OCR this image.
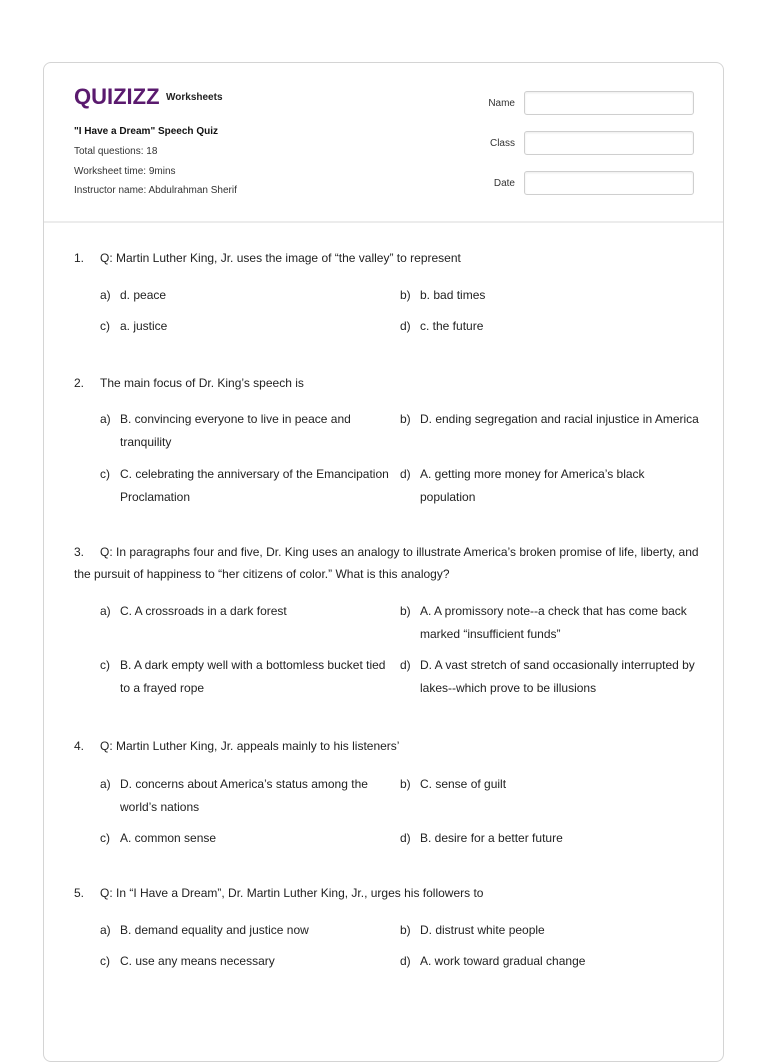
QUIZIZZ Worksheets
"I Have a Dream" Speech Quiz
Total questions: 18
Worksheet time: 9mins
Instructor name: Abdulrahman Sherif
Name
Class
Date
1. Q: Martin Luther King, Jr. uses the image of “the valley” to represent
a) d. peace	b) b. bad times
c) a. justice	d) c. the future
2. The main focus of Dr. King’s speech is
a) B. convincing everyone to live in peace and tranquility
b) D. ending segregation and racial injustice in America
c) C. celebrating the anniversary of the Emancipation Proclamation
d) A. getting more money for America’s black population
3.	Q: In paragraphs four and five, Dr. King uses an analogy to illustrate America’s broken promise of life, liberty, and the pursuit of happiness to “her citizens of color.” What is this analogy?
a) C. A crossroads in a dark forest	b) A. A promissory note--a check that has come back marked “insufficient funds”
c) B. A dark empty well with a bottomless bucket tied to a frayed rope
d) D. A vast stretch of sand occasionally interrupted by lakes--which prove to be illusions
4. Q: Martin Luther King, Jr. appeals mainly to his listeners’
a) D. concerns about America’s status among the world’s nations
b) C. sense of guilt
c) A. common sense	d) B. desire for a better future
5. Q: In “I Have a Dream”, Dr. Martin Luther King, Jr., urges his followers to
a) B. demand equality and justice now	b) D. distrust white people
c) C. use any means necessary	d) A. work toward gradual change
